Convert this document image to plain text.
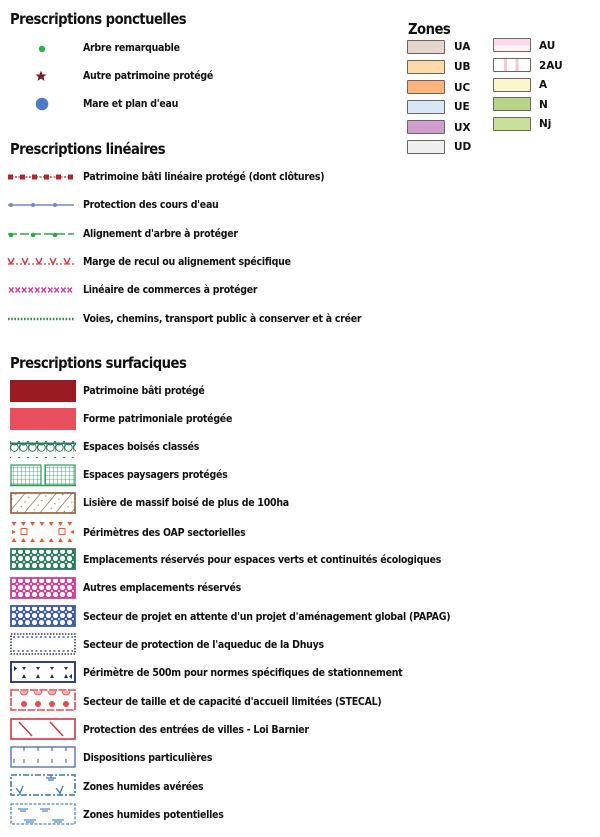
Prescriptions ponctuelles
Arbre remarquable
Autre patrimoine protégé
Mare et plan d'eau
Zones
UA
UB
UC
UE
UX
UD
AU
2AU
A
N
Nj
Prescriptions linéaires
Patrimoine bâti linéaire protégé (dont clôtures)
Protection des cours d'eau
Alignement d'arbre à protéger
Marge de recul ou alignement spécifique
Linéaire de commerces à protéger
Voies, chemins, transport public à conserver et à créer
Prescriptions surfaciques
Patrimoine bâti protégé
Forme patrimoniale protégée
Espaces boisés classés
Espaces paysagers protégés
Lisière de massif boisé de plus de 100ha
Périmètres des OAP sectorielles
Emplacements réservés pour espaces verts et continuités écologiques
Autres emplacements réservés
Secteur de projet en attente d'un projet d'aménagement global (PAPAG)
Secteur de protection de l'aqueduc de la Dhuys
Périmètre de 500m pour normes spécifiques de stationnement
Secteur de taille et de capacité d'accueil limitées (STECAL)
Protection des entrées de villes - Loi Barnier
Dispositions particulières
Zones humides avérées
Zones humides potentielles
